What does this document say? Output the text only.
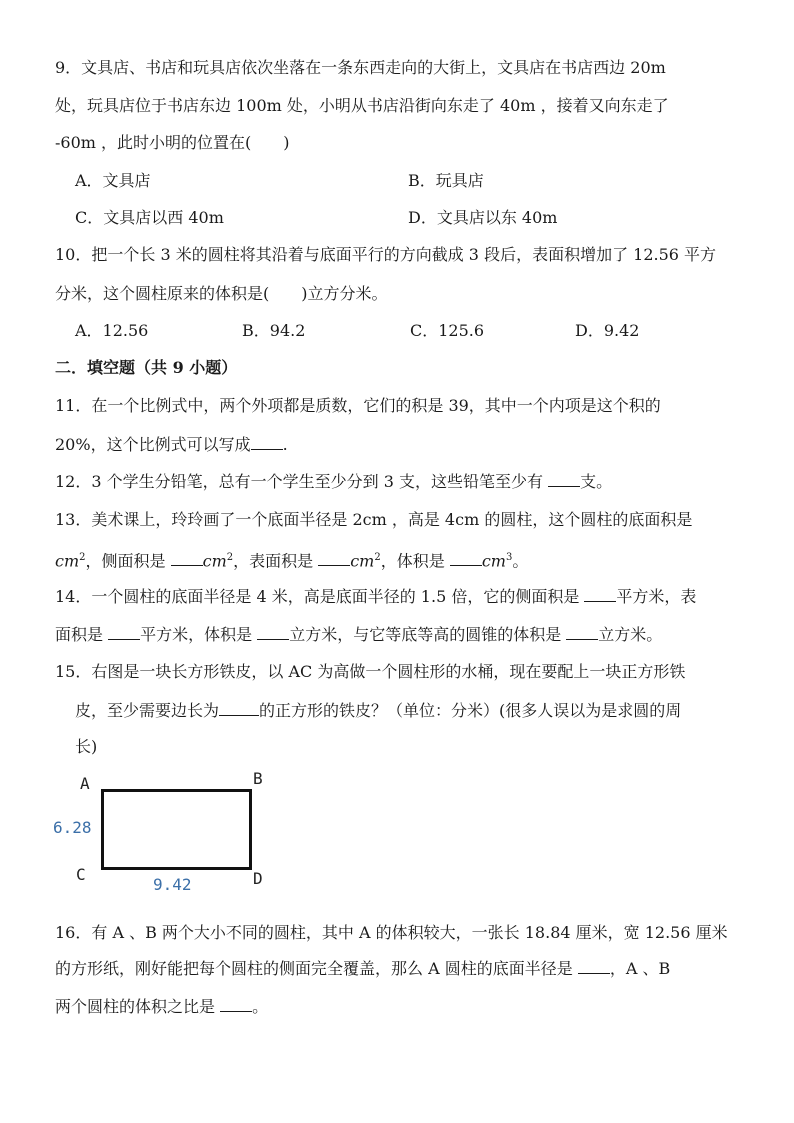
9．文具店、书店和玩具店依次坐落在一条东西走向的大街上，文具店在书店西边 20m
处，玩具店位于书店东边 100m 处，小明从书店沿街向东走了 40m ，接着又向东走了
-60m ，此时小明的位置在(　　)
A．文具店	B．玩具店
C．文具店以西 40m	D．文具店以东 40m
10．把一个长 3 米的圆柱将其沿着与底面平行的方向截成 3 段后，表面积增加了 12.56 平方
分米，这个圆柱原来的体积是(　　)立方分米。
A．12.56	B．94.2	C．125.6	D．9.42
二．填空题（共 9 小题）
11．在一个比例式中，两个外项都是质数，它们的积是 39，其中一个内项是这个积的
20%，这个比例式可以写成 .
12．3 个学生分铅笔，总有一个学生至少分到 3 支，这些铅笔至少有 支。
13．美术课上，玲玲画了一个底面半径是 2cm ，高是 4cm 的圆柱，这个圆柱的底面积是
$cm^2$，侧面积是 $cm^2$，表面积是 $cm^2$，体积是 $cm^3$。
14．一个圆柱的底面半径是 4 米，高是底面半径的 1.5 倍，它的侧面积是 平方米，表
面积是 平方米，体积是 立方米，与它等底等高的圆锥的体积是 立方米。
15．右图是一块长方形铁皮，以 AC 为高做一个圆柱形的水桶，现在要配上一块正方形铁
皮，至少需要边长为	的正方形的铁皮？（单位：分米）(很多人误以为是求圆的周
长)
A	B
C	D
6.28
9.42
16．有 A 、B 两个大小不同的圆柱，其中 A 的体积较大，一张长 18.84 厘米，宽 12.56 厘米
的方形纸，刚好能把每个圆柱的侧面完全覆盖，那么 A 圆柱的底面半径是 ，A 、B
两个圆柱的体积之比是 。
